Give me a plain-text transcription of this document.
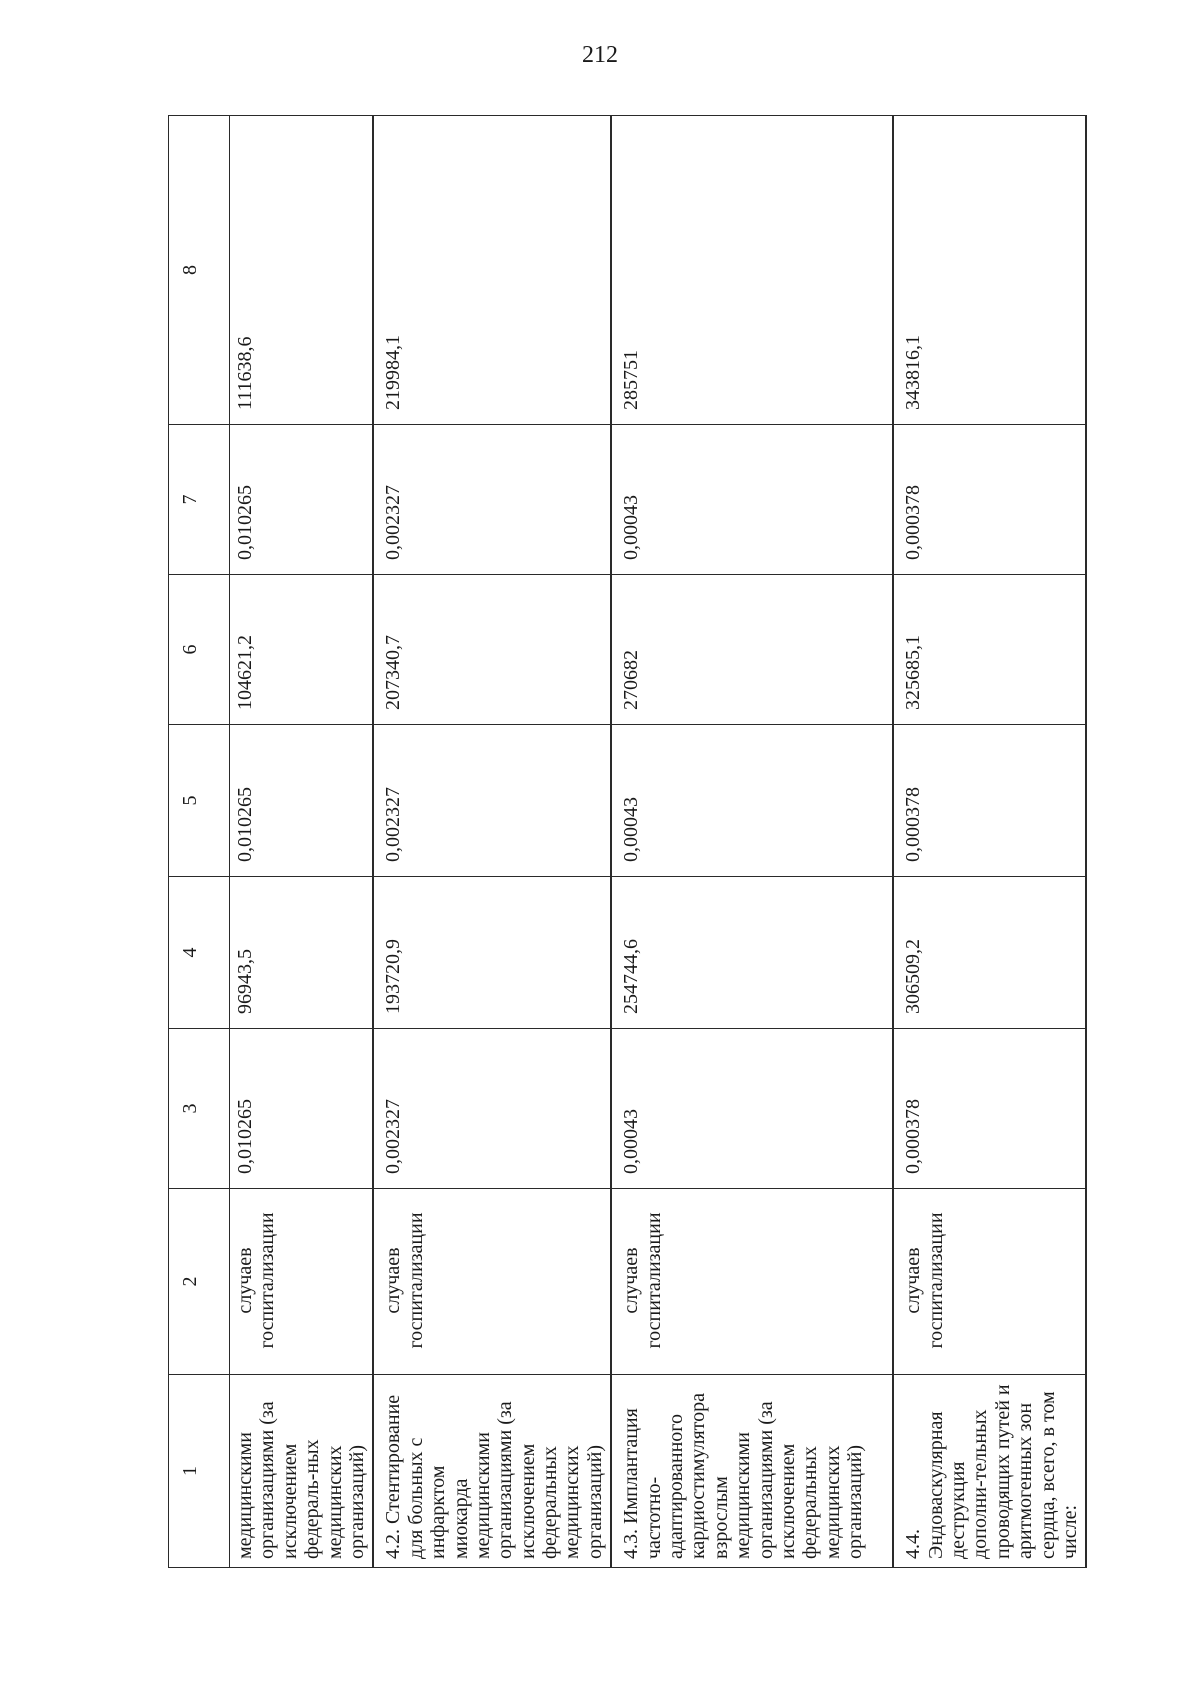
212
1	2	3	4	5	6	7	8
медицинскими организациями (за исключением федераль-ных медицинских организаций)	случаев госпитализации	0,010265	96943,5	0,010265	104621,2	0,010265	111638,6
4.2. Стентирование для больных с инфарктом миокарда медицинскими организациями (за исключением федеральных медицинских организаций)	случаев госпитализации	0,002327	193720,9	0,002327	207340,7	0,002327	219984,1
4.3. Имплантация частотно-адаптированного кардиостимулятора взрослым медицинскими организациями (за исключением федеральных медицинских организаций)	случаев госпитализации	0,00043	254744,6	0,00043	270682	0,00043	285751
4.4. Эндоваскулярная деструкция дополни-тельных проводящих путей и аритмогенных зон сердца, всего, в том числе:	случаев госпитализации	0,000378	306509,2	0,000378	325685,1	0,000378	343816,1
